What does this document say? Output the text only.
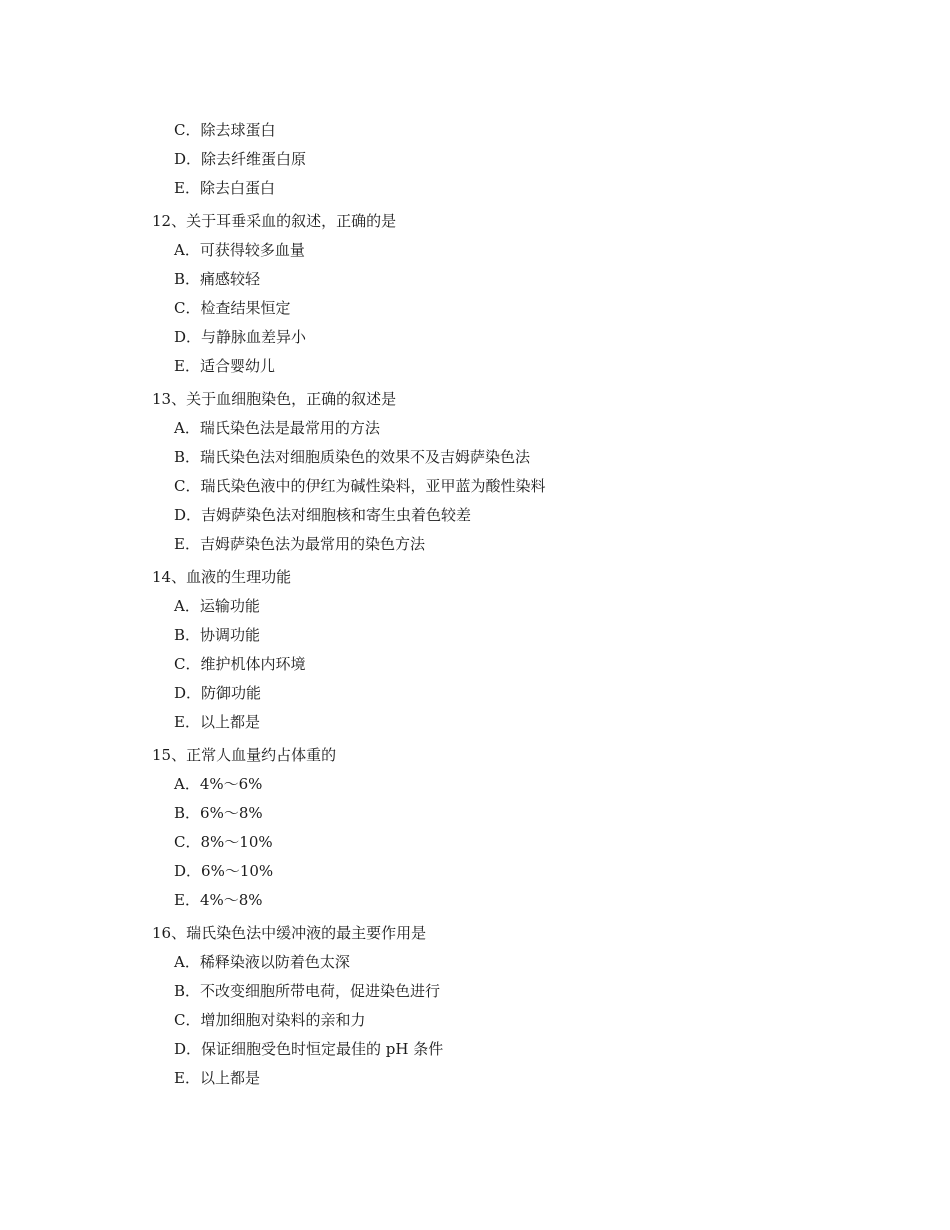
C．除去球蛋白
D．除去纤维蛋白原
E．除去白蛋白
12、关于耳垂采血的叙述，正确的是
A．可获得较多血量
B．痛感较轻
C．检查结果恒定
D．与静脉血差异小
E．适合婴幼儿
13、关于血细胞染色，正确的叙述是
A．瑞氏染色法是最常用的方法
B．瑞氏染色法对细胞质染色的效果不及吉姆萨染色法
C．瑞氏染色液中的伊红为碱性染料，亚甲蓝为酸性染料
D．吉姆萨染色法对细胞核和寄生虫着色较差
E．吉姆萨染色法为最常用的染色方法
14、血液的生理功能
A．运输功能
B．协调功能
C．维护机体内环境
D．防御功能
E．以上都是
15、正常人血量约占体重的
A．4%～6%
B．6%～8%
C．8%～10%
D．6%～10%
E．4%～8%
16、瑞氏染色法中缓冲液的最主要作用是
A．稀释染液以防着色太深
B．不改变细胞所带电荷，促进染色进行
C．增加细胞对染料的亲和力
D．保证细胞受色时恒定最佳的 pH 条件
E．以上都是
